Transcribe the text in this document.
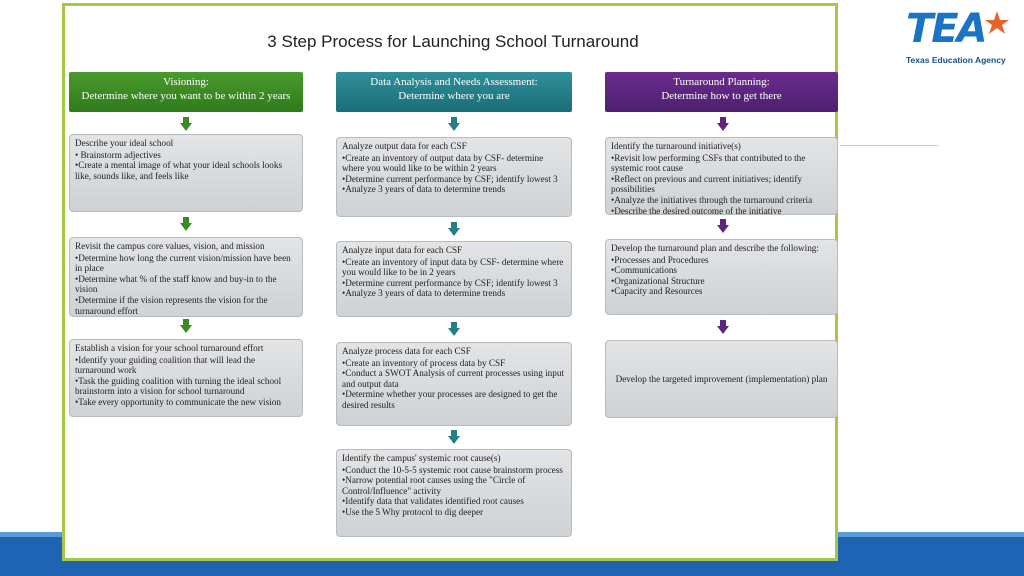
TEA
Texas Education Agency
3 Step Process for Launching School Turnaround
Visioning:
Determine where you want to be within 2 years
Describe your ideal school
• Brainstorm adjectives
•Create a mental image of what your ideal schools looks like, sounds like, and feels like
Revisit the campus core values, vision, and mission
•Determine how long the current vision/mission have been in place
•Determine what % of the staff know and buy-in to the vision
•Determine if the vision represents the vision for the turnaround effort
Establish a vision for your school turnaround effort
•Identify your guiding coalition that will lead the turnaround work
•Task the guiding coalition with turning the ideal school brainstorm into a vision for school turnaround
•Take every opportunity to communicate the new vision
Data Analysis and Needs Assessment:
Determine where you are
Analyze output data for each CSF
•Create an inventory of output data by CSF- determine where you would like to be within 2 years
•Determine current performance by CSF; identify lowest 3
•Analyze 3 years of data to determine trends
Analyze input data for each CSF
•Create an inventory of input data by CSF- determine where you would like to be in 2 years
•Determine current performance by CSF; identify lowest 3
•Analyze 3 years of data to determine trends
Analyze process data for each CSF
•Create an inventory of process data by CSF
•Conduct a SWOT Analysis of current processes using input and output data
•Determine whether your processes are designed to get the desired results
Identify the campus' systemic root cause(s)
•Conduct the 10-5-5 systemic root cause brainstorm process
•Narrow potential root causes using the "Circle of Control/Influence" activity
•Identify data that validates identified root causes
•Use the 5 Why protocol to dig deeper
Turnaround Planning:
Determine how to get there
Identify the turnaround initiative(s)
•Revisit low performing CSFs that contributed to the systemic root cause
•Reflect on previous and current initiatives; identify possibilities
•Analyze the initiatives through the turnaround criteria
•Describe the desired outcome of the initiative
Develop the turnaround plan and describe the following:
•Processes and Procedures
•Communications
•Organizational Structure
•Capacity and Resources
Develop the targeted improvement (implementation) plan
